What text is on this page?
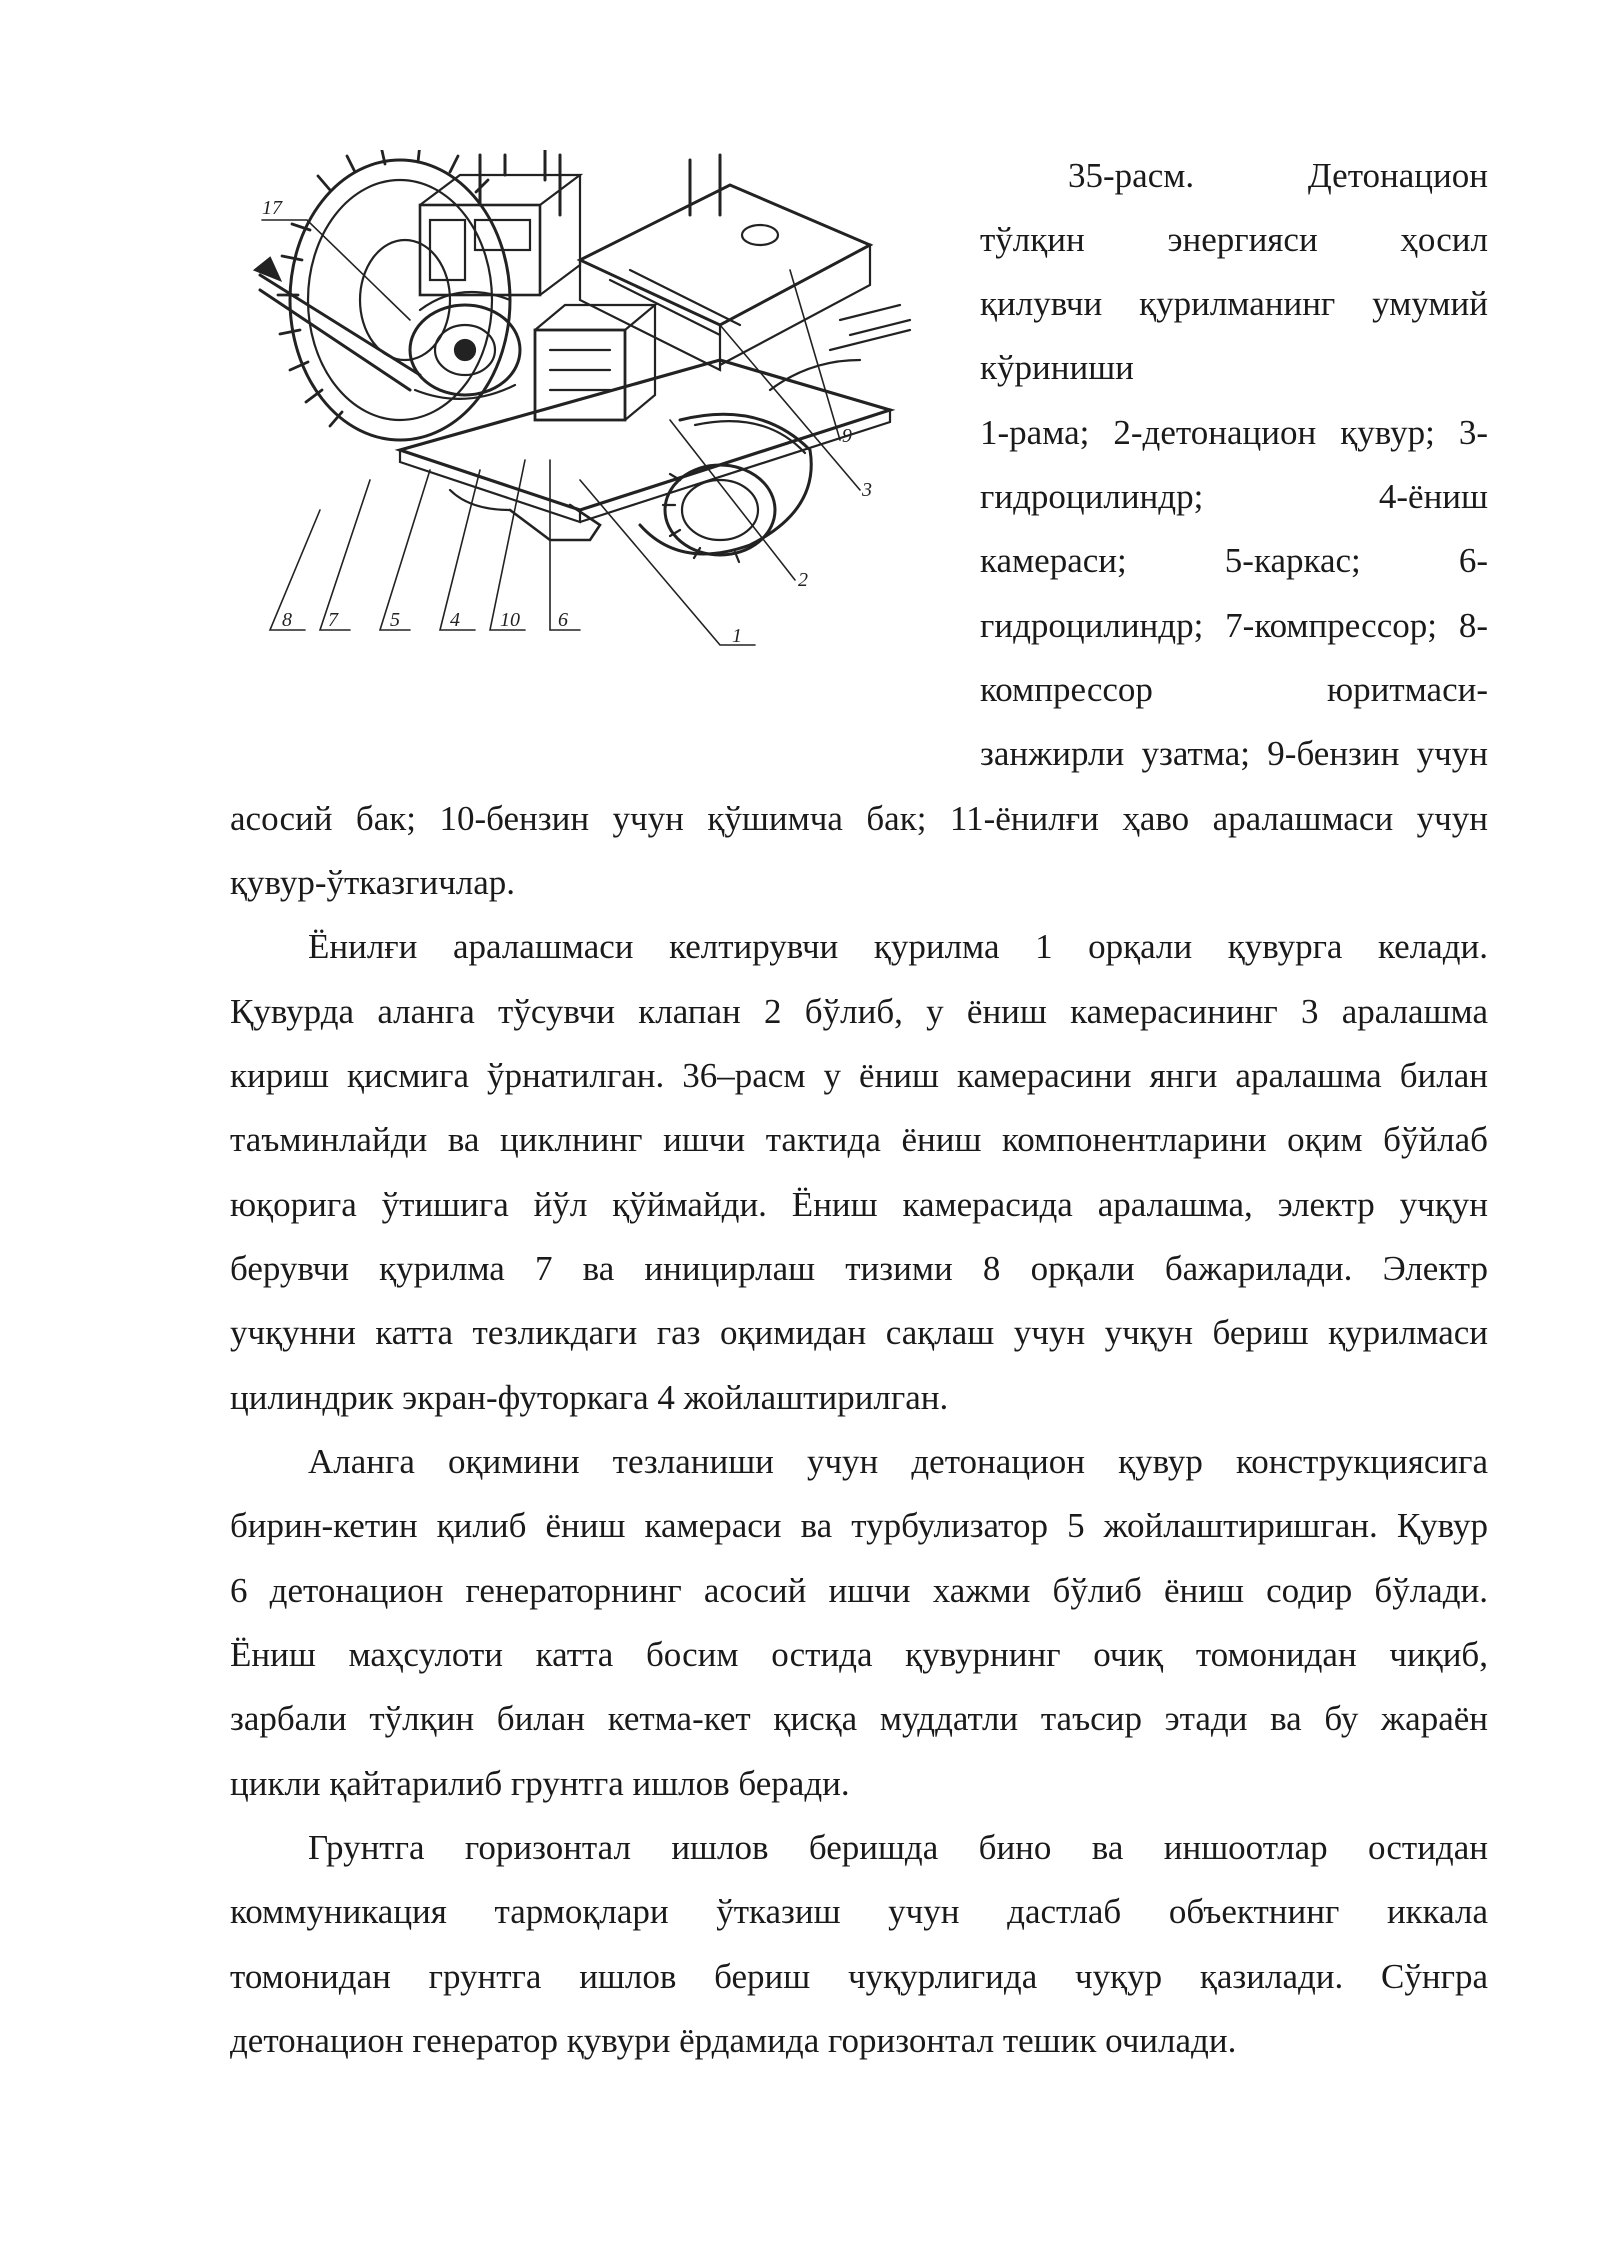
17
9
3
2
1
8 7	5	4 10 6
35-расм. Детонацион
тўлқин энергияси ҳосил
қилувчи қурилманинг умумий
кўриниши
1-рама; 2-детонацион қувур; 3-
гидроцилиндр; 4-ёниш
камераси; 5-каркас; 6-
гидроцилиндр; 7-компрессор; 8-
компрессор юритмаси-
занжирли узатма; 9-бензин учун
асосий бак; 10-бензин учун қўшимча бак; 11-ёнилғи ҳаво аралашмаси учун
қувур-ўтказгичлар.
Ёнилғи аралашмаси келтирувчи қурилма 1 орқали қувурга келади.
Қувурда аланга тўсувчи клапан 2 бўлиб, у ёниш камерасининг 3 аралашма
кириш қисмига ўрнатилган. 36–расм у ёниш камерасини янги аралашма билан
таъминлайди ва циклнинг ишчи тактида ёниш компонентларини оқим бўйлаб
юқорига ўтишига йўл қўймайди. Ёниш камерасида аралашма, электр учқун
берувчи қурилма 7 ва иницирлаш тизими 8 орқали бажарилади. Электр
учқунни катта тезликдаги газ оқимидан сақлаш учун учқун бериш қурилмаси
цилиндрик экран-футоркага 4 жойлаштирилган.
Аланга оқимини тезланиши учун детонацион қувур конструкциясига
бирин-кетин қилиб ёниш камераси ва турбулизатор 5 жойлаштиришган. Қувур
6 детонацион генераторнинг асосий ишчи хажми бўлиб ёниш содир бўлади.
Ёниш маҳсулоти катта босим остида қувурнинг очиқ томонидан чиқиб,
зарбали тўлқин билан кетма-кет қисқа муддатли таъсир этади ва бу жараён
цикли қайтарилиб грунтга ишлов беради.
Грунтга горизонтал ишлов беришда бино ва иншоотлар остидан
коммуникация тармоқлари ўтказиш учун дастлаб объектнинг иккала
томонидан грунтга ишлов бериш чуқурлигида чуқур қазилади. Сўнгра
детонацион генератор қувури ёрдамида горизонтал тешик очилади.
